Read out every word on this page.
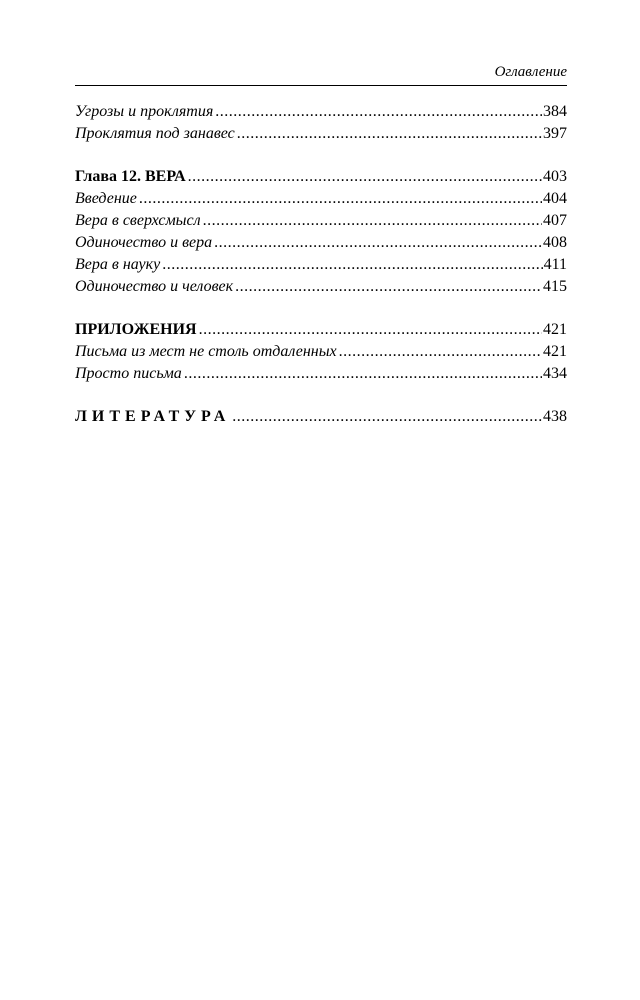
Оглавление
Угрозы и проклятия .....	384
Проклятия под занавес .....	397
Глава 12. ВЕРА .....	403
Введение .....	404
Вера в сверхсмысл .....	407
Одиночество и вера .....	408
Вера в науку .....	411
Одиночество и человек .....	415
ПРИЛОЖЕНИЯ .....	421
Письма из мест не столь отдаленных .....	421
Просто письма .....	434
ЛИТЕРАТУРА .....	438
